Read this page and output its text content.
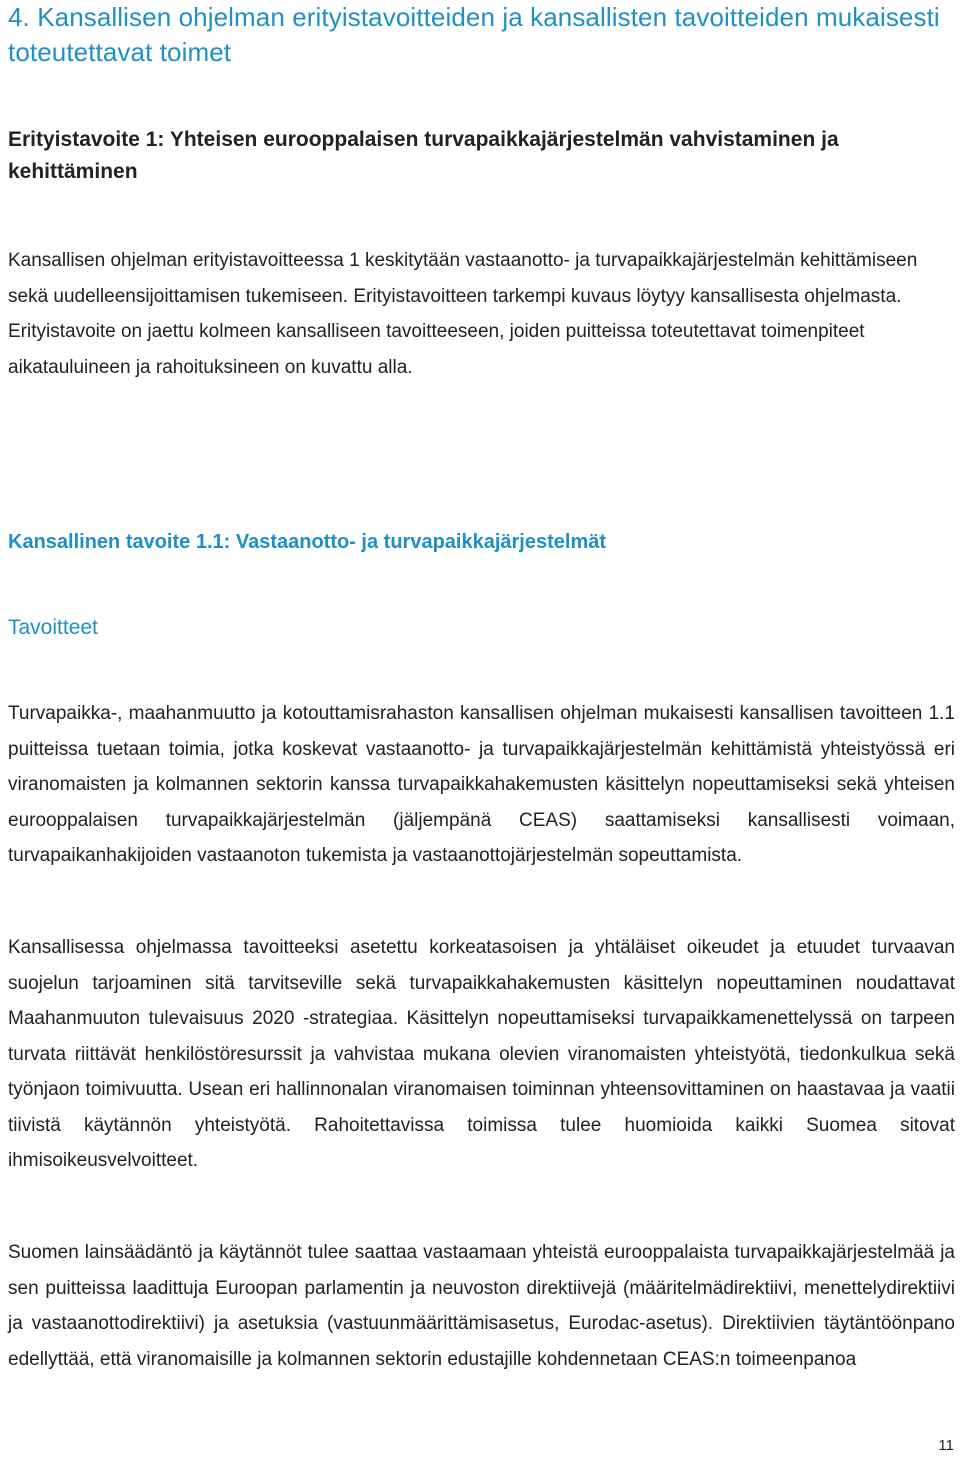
4. Kansallisen ohjelman erityistavoitteiden ja kansallisten tavoitteiden mukaisesti toteutettavat toimet
Erityistavoite 1: Yhteisen eurooppalaisen turvapaikkajärjestelmän vahvistaminen ja kehittäminen

Kansallisen ohjelman erityistavoitteessa 1 keskitytään vastaanotto- ja turvapaikkajärjestelmän kehittämiseen sekä uudelleensijoittamisen tukemiseen. Erityistavoitteen tarkempi kuvaus löytyy kansallisesta ohjelmasta. Erityistavoite on jaettu kolmeen kansalliseen tavoitteeseen, joiden puitteissa toteutettavat toimenpiteet aikatauluineen ja rahoituksineen on kuvattu alla.

Kansallinen tavoite 1.1: Vastaanotto- ja turvapaikkajärjestelmät
Tavoitteet

Turvapaikka-, maahanmuutto ja kotouttamisrahaston kansallisen ohjelman mukaisesti kansallisen tavoitteen 1.1 puitteissa tuetaan toimia, jotka koskevat vastaanotto- ja turvapaikkajärjestelmän kehittämistä yhteistyössä eri viranomaisten ja kolmannen sektorin kanssa turvapaikkahakemusten käsittelyn nopeuttamiseksi sekä yhteisen eurooppalaisen turvapaikkajärjestelmän (jäljempänä CEAS) saattamiseksi kansallisesti voimaan, turvapaikanhakijoiden vastaanoton tukemista ja vastaanottojärjestelmän sopeuttamista.

Kansallisessa ohjelmassa tavoitteeksi asetettu korkeatasoisen ja yhtäläiset oikeudet ja etuudet turvaavan suojelun tarjoaminen sitä tarvitseville sekä turvapaikkahakemusten käsittelyn nopeuttaminen noudattavat Maahanmuuton tulevaisuus 2020 -strategiaa. Käsittelyn nopeuttamiseksi turvapaikkamenettelyssä on tarpeen turvata riittävät henkilöstöresurssit ja vahvistaa mukana olevien viranomaisten yhteistyötä, tiedonkulkua sekä työnjaon toimivuutta. Usean eri hallinnonalan viranomaisen toiminnan yhteensovittaminen on haastavaa ja vaatii tiivistä käytännön yhteistyötä. Rahoitettavissa toimissa tulee huomioida kaikki Suomea sitovat ihmisoikeusvelvoitteet.

Suomen lainsäädäntö ja käytännöt tulee saattaa vastaamaan yhteistä eurooppalaista turvapaikkajärjestelmää ja sen puitteissa laadittuja Euroopan parlamentin ja neuvoston direktiivejä (määritelmädirektiivi, menettelydirektiivi ja vastaanottodirektiivi) ja asetuksia (vastuunmäärittämisasetus, Eurodac-asetus). Direktiivien täytäntöönpano edellyttää, että viranomaisille ja kolmannen sektorin edustajille kohdennetaan CEAS:n toimeenpanoa

11
